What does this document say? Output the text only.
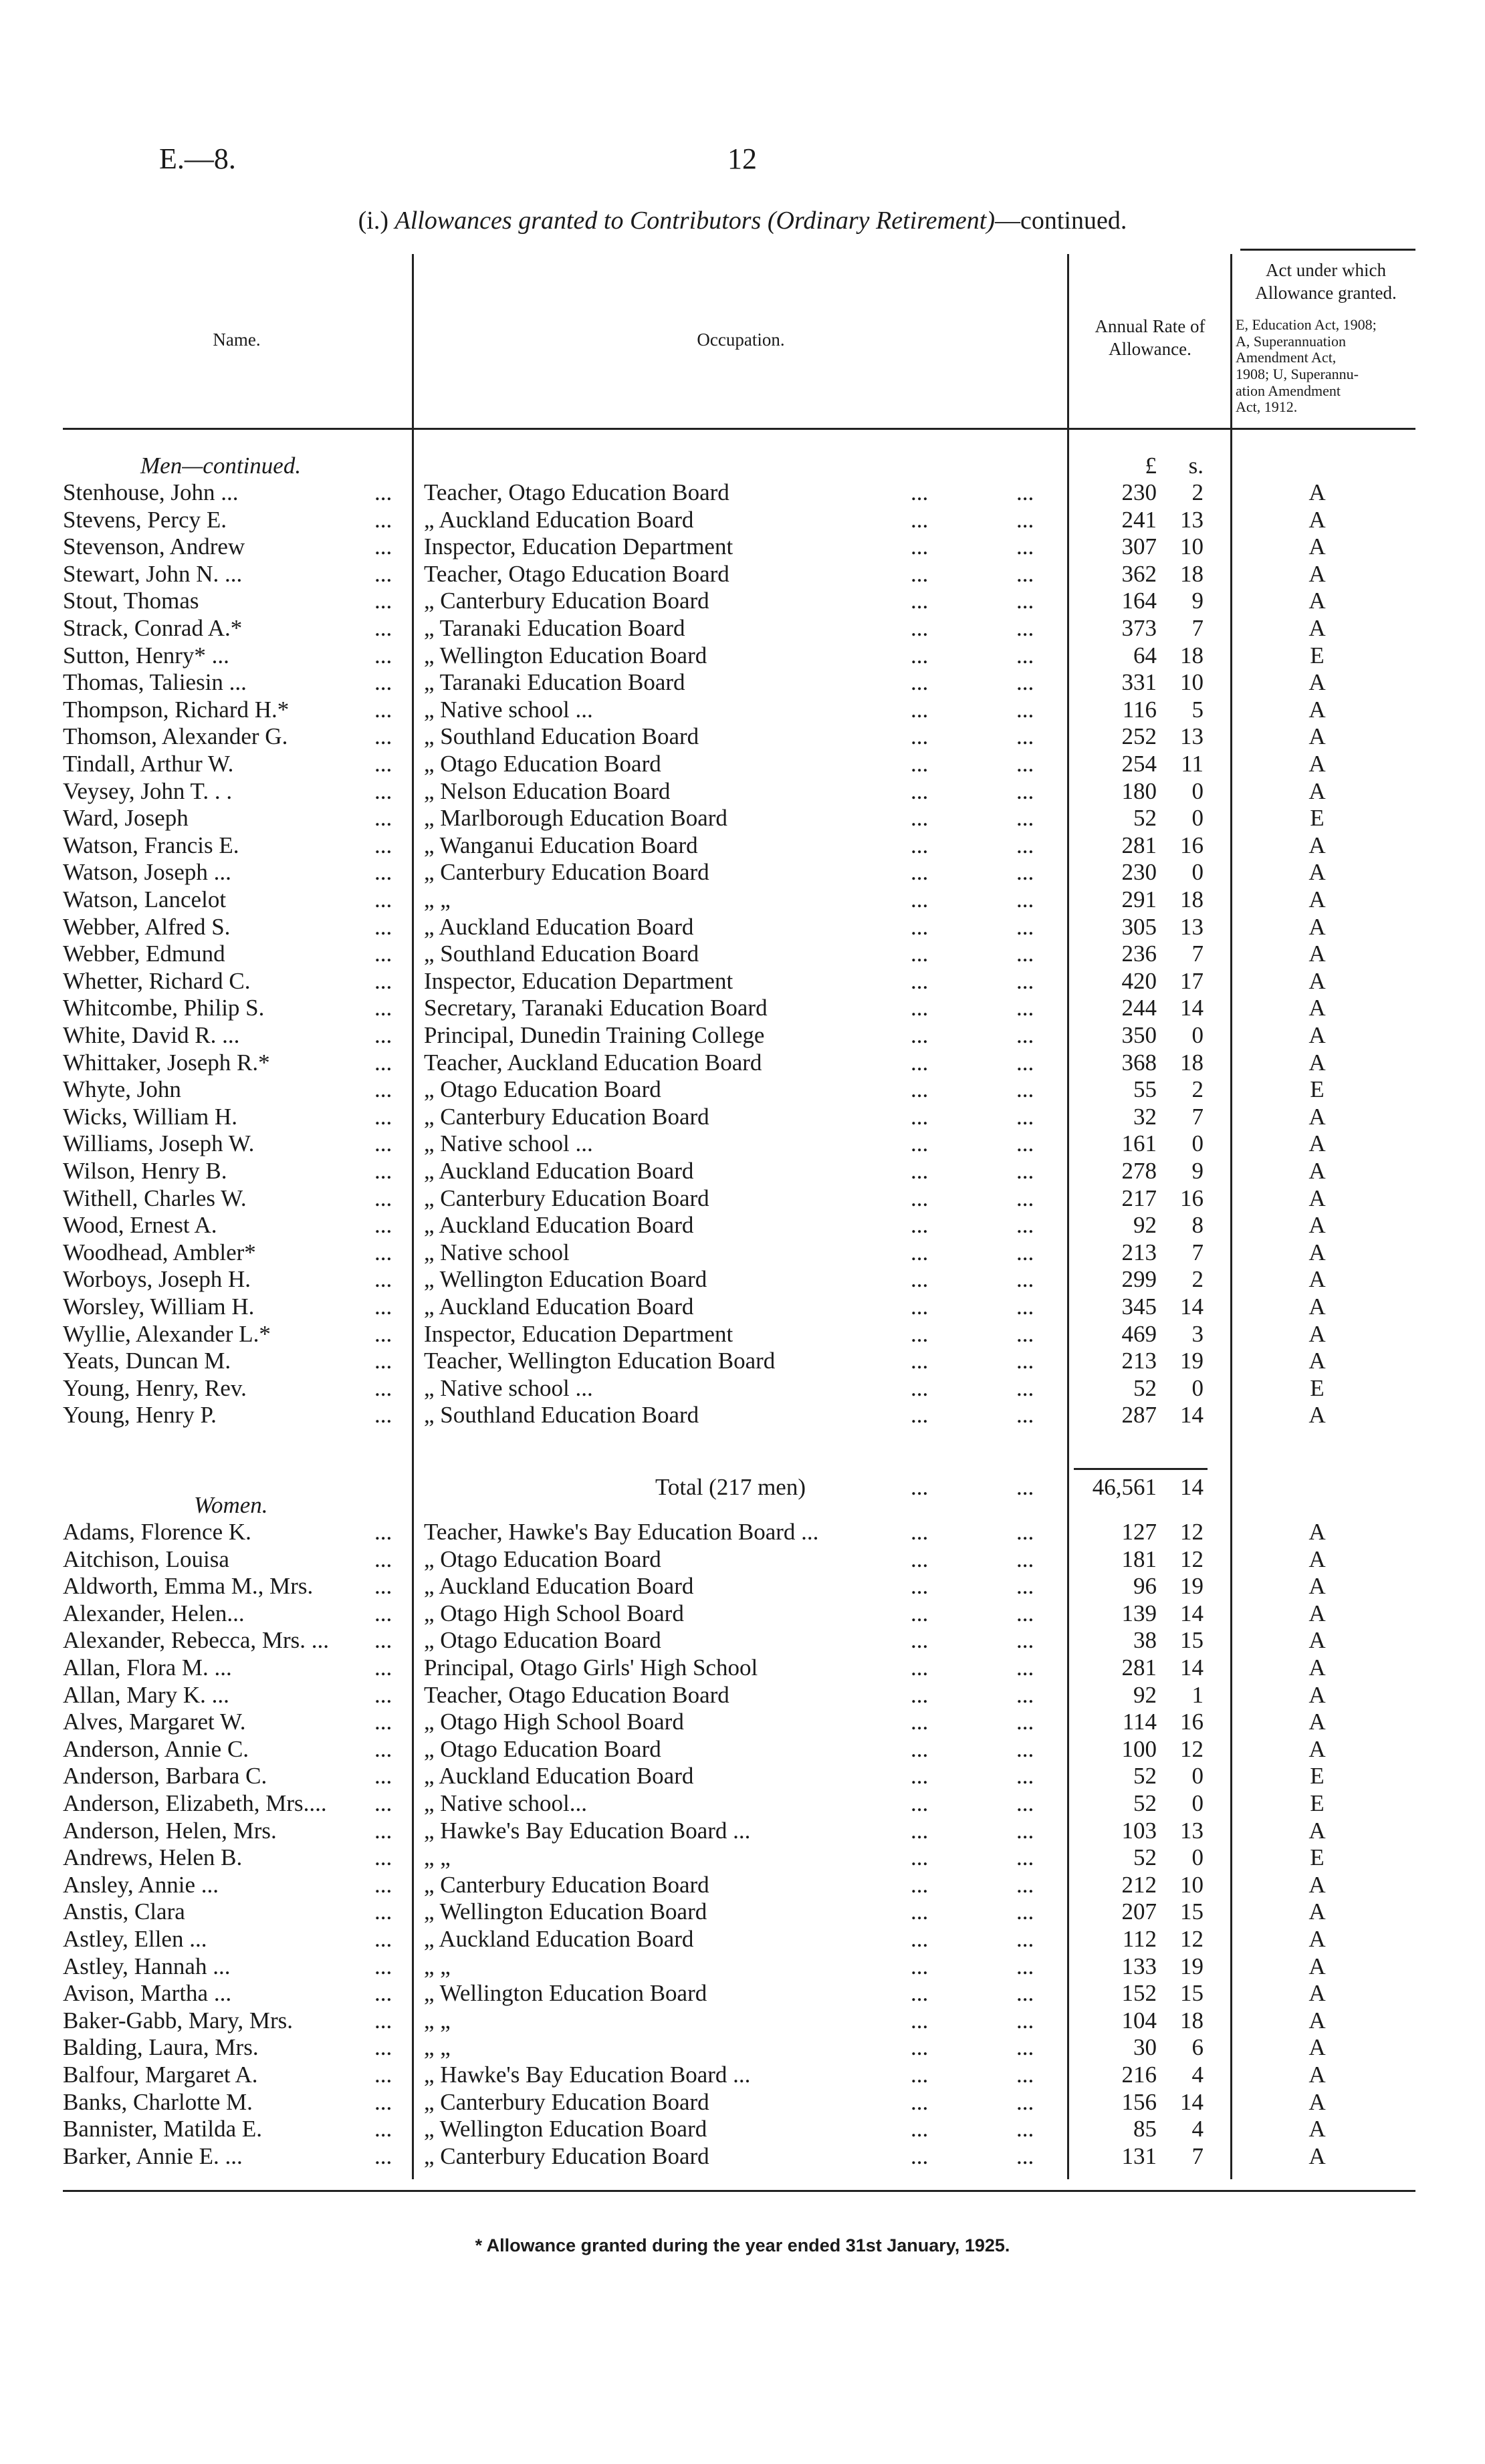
E.—8.	12
(i.) Allowances granted to Contributors (Ordinary Retirement)—continued.
Name.	Occupation.
Annual Rate of
Allowance.
Act under which
Allowance granted.
E, Education Act, 1908;
A, Superannuation
Amendment Act,
1908; U, Superannu-
ation Amendment
Act, 1912.
Men—continued.	£	s.
Stenhouse, John ...	... Teacher, Otago Education Board	...	...	230	2	A
Stevens, Percy E.	... „ Auckland Education Board	...	...	241	13	A
Stevenson, Andrew	... Inspector, Education Department	...	...	307	10	A
Stewart, John N. ...	... Teacher, Otago Education Board	...	...	362	18	A
Stout, Thomas	... „ Canterbury Education Board	...	...	164	9	A
Strack, Conrad A.*	... „ Taranaki Education Board	...	...	373	7	A
Sutton, Henry* ...	... „ Wellington Education Board	...	...	64	18	E
Thomas, Taliesin ...	... „ Taranaki Education Board	...	...	331	10	A
Thompson, Richard H.*	... „ Native school ...	...	...	116	5	A
Thomson, Alexander G.	... „ Southland Education Board	...	...	252	13	A
Tindall, Arthur W.	... „ Otago Education Board	...	...	254	11	A
Veysey, John T. . .	... „ Nelson Education Board	...	...	180	0	A
Ward, Joseph	... „ Marlborough Education Board	...	...	52	0	E
Watson, Francis E.	... „ Wanganui Education Board	...	...	281	16	A
Watson, Joseph ...	... „ Canterbury Education Board	...	...	230	0	A
Watson, Lancelot	... „ „	...	...	291	18	A
Webber, Alfred S.	... „ Auckland Education Board	...	...	305	13	A
Webber, Edmund	... „ Southland Education Board	...	...	236	7	A
Whetter, Richard C.	... Inspector, Education Department	...	...	420	17	A
Whitcombe, Philip S.	... Secretary, Taranaki Education Board	...	...	244	14	A
White, David R. ...	... Principal, Dunedin Training College	...	...	350	0	A
Whittaker, Joseph R.*	... Teacher, Auckland Education Board	...	...	368	18	A
Whyte, John	... „ Otago Education Board	...	...	55	2	E
Wicks, William H.	... „ Canterbury Education Board	...	...	32	7	A
Williams, Joseph W.	... „ Native school ...	...	...	161	0	A
Wilson, Henry B.	... „ Auckland Education Board	...	...	278	9	A
Withell, Charles W.	... „ Canterbury Education Board	...	...	217	16	A
Wood, Ernest A.	... „ Auckland Education Board	...	...	92	8	A
Woodhead, Ambler*	... „ Native school	...	...	213	7	A
Worboys, Joseph H.	... „ Wellington Education Board	...	...	299	2	A
Worsley, William H.	... „ Auckland Education Board	...	...	345	14	A
Wyllie, Alexander L.*	... Inspector, Education Department	...	...	469	3	A
Yeats, Duncan M.	... Teacher, Wellington Education Board	...	...	213	19	A
Young, Henry, Rev.	... „ Native school ...	...	...	52	0	E
Young, Henry P.	... „ Southland Education Board	...	...	287	14	A
Total (217 men)	...	...	46,561	14
Women.
Adams, Florence K.	... Teacher, Hawke's Bay Education Board ...	...	...	127	12	A
Aitchison, Louisa	... „ Otago Education Board	...	...	181	12	A
Aldworth, Emma M., Mrs.	... „ Auckland Education Board	...	...	96	19	A
Alexander, Helen...	... „ Otago High School Board	...	...	139	14	A
Alexander, Rebecca, Mrs. ... ... „ Otago Education Board	...	...	38	15	A
Allan, Flora M. ...	... Principal, Otago Girls' High School	...	...	281	14	A
Allan, Mary K. ...	... Teacher, Otago Education Board	...	...	92	1	A
Alves, Margaret W.	... „ Otago High School Board	...	...	114	16	A
Anderson, Annie C.	... „ Otago Education Board	...	...	100	12	A
Anderson, Barbara C.	... „ Auckland Education Board	...	...	52	0	E
Anderson, Elizabeth, Mrs.... ... „ Native school...	...	...	52	0	E
Anderson, Helen, Mrs.	... „ Hawke's Bay Education Board ...	...	...	103	13	A
Andrews, Helen B.	... „ „	...	...	52	0	E
Ansley, Annie ...	... „ Canterbury Education Board	...	...	212	10	A
Anstis, Clara	... „ Wellington Education Board	...	...	207	15	A
Astley, Ellen ...	... „ Auckland Education Board	...	...	112	12	A
Astley, Hannah ...	... „ „	...	...	133	19	A
Avison, Martha ...	... „ Wellington Education Board	...	...	152	15	A
Baker-Gabb, Mary, Mrs.	... „ „	...	...	104	18	A
Balding, Laura, Mrs.	... „ „	...	...	30	6	A
Balfour, Margaret A.	... „ Hawke's Bay Education Board ...	...	...	216	4	A
Banks, Charlotte M.	... „ Canterbury Education Board	...	...	156	14	A
Bannister, Matilda E.	... „ Wellington Education Board	...	...	85	4	A
Barker, Annie E. ...	... „ Canterbury Education Board	...	...	131	7	A
* Allowance granted during the year ended 31st January, 1925.
